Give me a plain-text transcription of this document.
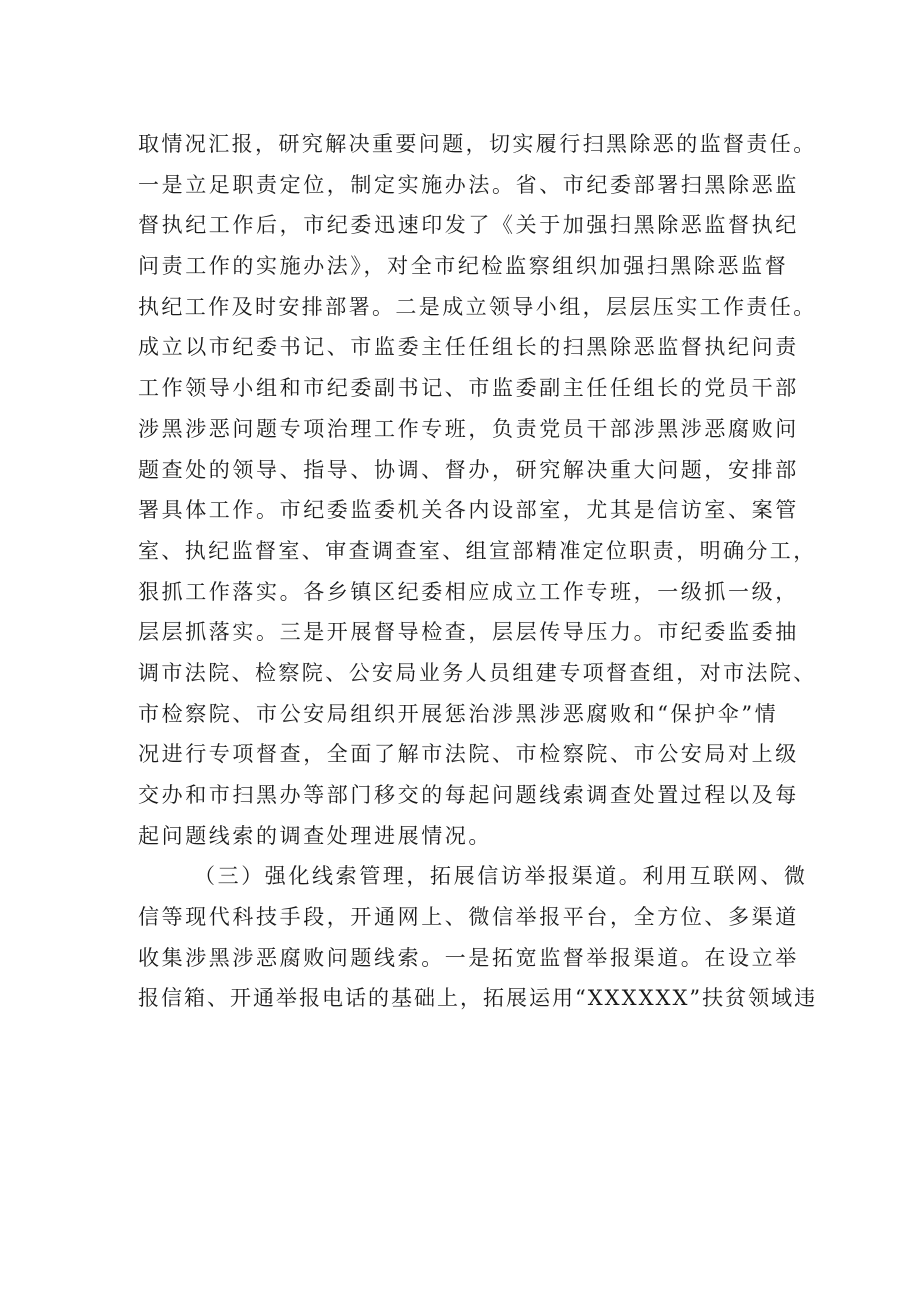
取情况汇报，研究解决重要问题，切实履行扫黑除恶的监督责任。
一是立足职责定位，制定实施办法。省、市纪委部署扫黑除恶监
督执纪工作后，市纪委迅速印发了《关于加强扫黑除恶监督执纪
问责工作的实施办法》，对全市纪检监察组织加强扫黑除恶监督
执纪工作及时安排部署。二是成立领导小组，层层压实工作责任。
成立以市纪委书记、市监委主任任组长的扫黑除恶监督执纪问责
工作领导小组和市纪委副书记、市监委副主任任组长的党员干部
涉黑涉恶问题专项治理工作专班，负责党员干部涉黑涉恶腐败问
题查处的领导、指导、协调、督办，研究解决重大问题，安排部
署具体工作。市纪委监委机关各内设部室，尤其是信访室、案管
室、执纪监督室、审查调查室、组宣部精准定位职责，明确分工，
狠抓工作落实。各乡镇区纪委相应成立工作专班，一级抓一级，
层层抓落实。三是开展督导检查，层层传导压力。市纪委监委抽
调市法院、检察院、公安局业务人员组建专项督查组，对市法院、
市检察院、市公安局组织开展惩治涉黑涉恶腐败和“保护伞”情
况进行专项督查，全面了解市法院、市检察院、市公安局对上级
交办和市扫黑办等部门移交的每起问题线索调查处置过程以及每
起问题线索的调查处理进展情况。
（三）强化线索管理，拓展信访举报渠道。利用互联网、微
信等现代科技手段，开通网上、微信举报平台，全方位、多渠道
收集涉黑涉恶腐败问题线索。一是拓宽监督举报渠道。在设立举
报信箱、开通举报电话的基础上，拓展运用“XXXXXX”扶贫领域违
